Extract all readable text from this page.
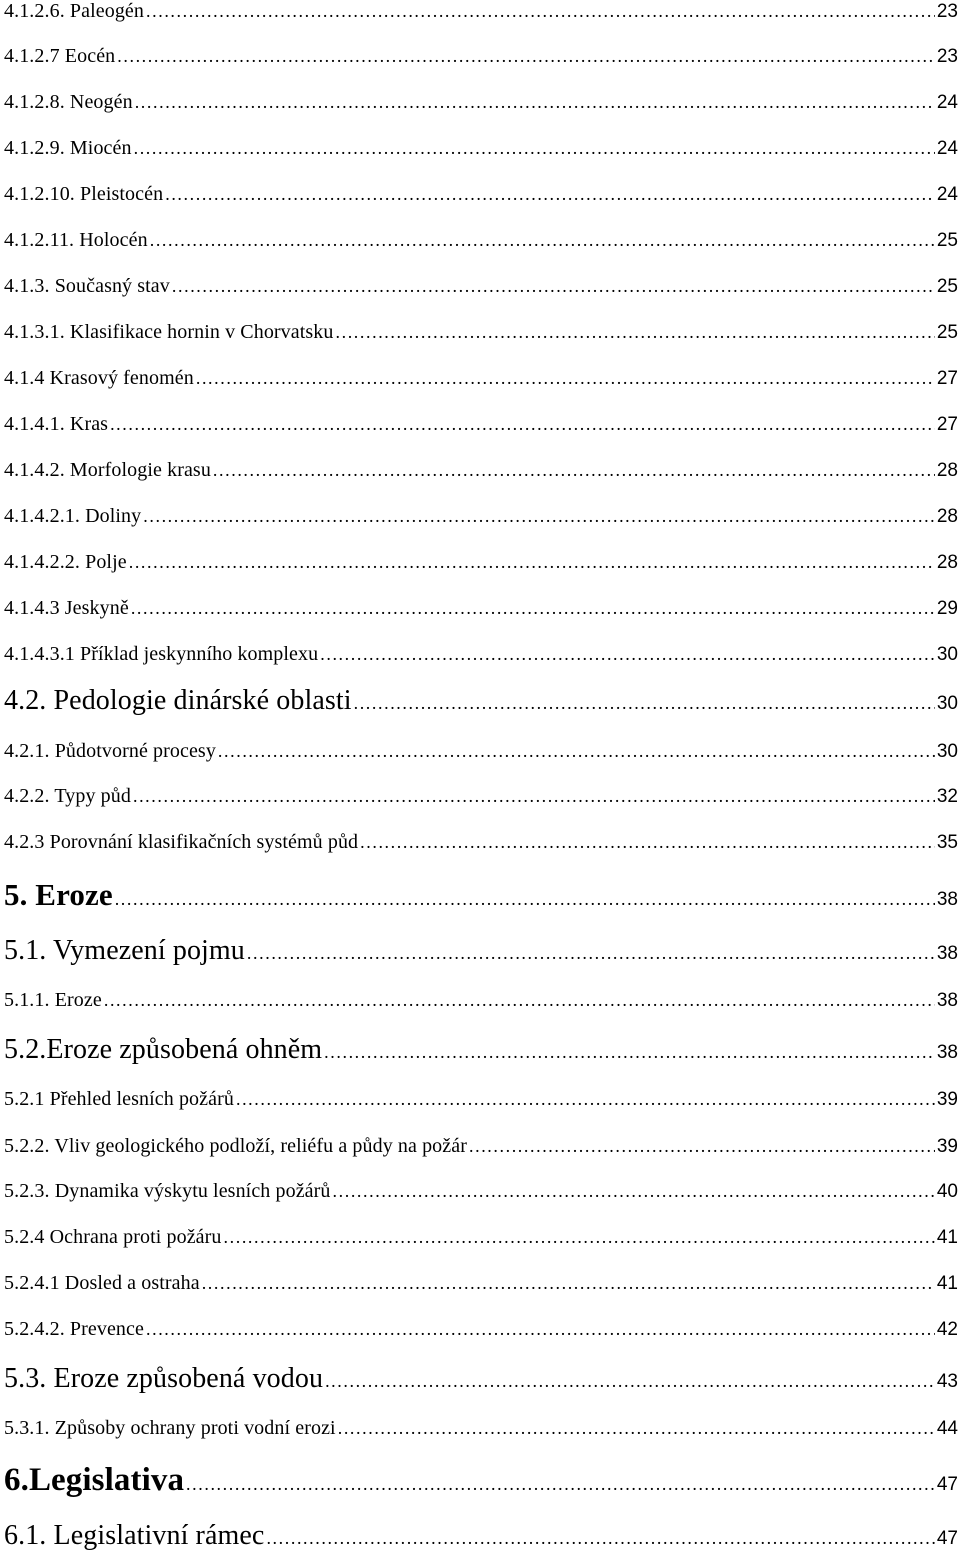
4.1.2.6. Paleogén .....	23
4.1.2.7 Eocén .....	23
4.1.2.8. Neogén .....	24
4.1.2.9. Miocén .....	24
4.1.2.10. Pleistocén .....	24
4.1.2.11. Holocén .....	25
4.1.3. Současný stav .....	25
4.1.3.1. Klasifikace hornin v Chorvatsku .....	25
4.1.4 Krasový fenomén .....	27
4.1.4.1. Kras .....	27
4.1.4.2. Morfologie krasu .....	28
4.1.4.2.1. Doliny .....	28
4.1.4.2.2. Polje .....	28
4.1.4.3 Jeskyně .....	29
4.1.4.3.1 Příklad jeskynního komplexu .....	30
4.2. Pedologie dinárské oblasti .....	30
4.2.1. Půdotvorné procesy .....	30
4.2.2. Typy půd .....	32
4.2.3 Porovnání klasifikačních systémů půd .....	35
5. Eroze .....	38
5.1. Vymezení pojmu .....	38
5.1.1. Eroze .....	38
5.2.Eroze způsobená ohněm .....	38
5.2.1 Přehled lesních požárů .....	39
5.2.2. Vliv geologického podloží, reliéfu a půdy na požár .....	39
5.2.3. Dynamika výskytu lesních požárů .....	40
5.2.4 Ochrana proti požáru .....	41
5.2.4.1 Dosled a ostraha .....	41
5.2.4.2. Prevence .....	42
5.3. Eroze způsobená vodou .....	43
5.3.1. Způsoby ochrany proti vodní erozi .....	44
6.Legislativa .....	47
6.1. Legislativní rámec .....	47
